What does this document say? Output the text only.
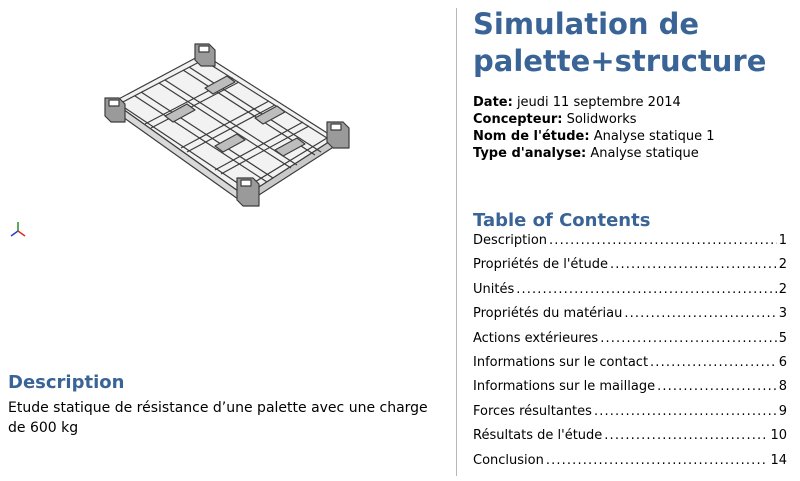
Description
Etude statique de résistance d’une palette avec une charge de 600 kg
Simulation de palette+structure
Date: jeudi 11 septembre 2014
Concepteur: Solidworks
Nom de l'étude: Analyse statique 1
Type d'analyse: Analyse statique
Table of Contents
Description . . .	1
Propriétés de l'étude . . .	2
Unités . . .	2
Propriétés du matériau . . .	3
Actions extérieures . . .	5
Informations sur le contact . . .	6
Informations sur le maillage . . .	8
Forces résultantes . . .	9
Résultats de l'étude . . .	10
Conclusion . . .	14
